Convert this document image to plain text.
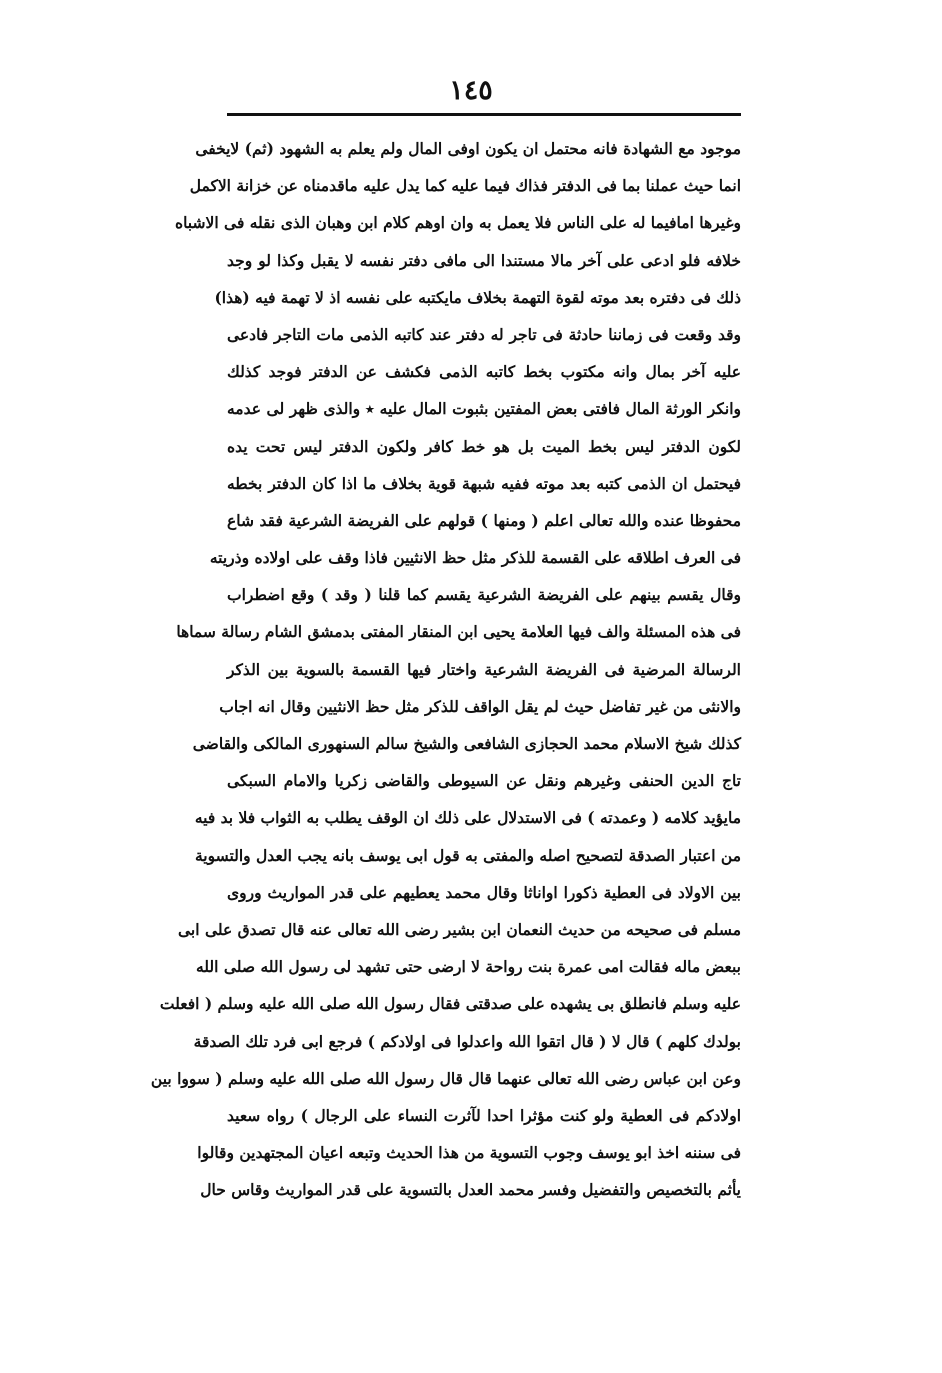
١٤٥
موجود مع الشهادة فانه محتمل ان يكون اوفى المال ولم يعلم به الشهود (ثم) لايخفى
انما حيث عملنا بما فى الدفتر فذاك فيما عليه كما يدل عليه ماقدمناه عن خزانة الاكمل
وغيرها امافيما له على الناس فلا يعمل به وان اوهم كلام ابن وهبان الذى نقله فى الاشباه
خلافه فلو ادعى على آخر مالا مستندا الى مافى دفتر نفسه لا يقبل وكذا لو وجد
ذلك فى دفتره بعد موته لقوة التهمة بخلاف مايكتبه على نفسه اذ لا تهمة فيه (هذا)
وقد وقعت فى زماننا حادثة فى تاجر له دفتر عند كاتبه الذمى مات التاجر فادعى
عليه آخر بمال وانه مكتوب بخط كاتبه الذمى فكشف عن الدفتر فوجد كذلك
وانكر الورثة المال فافتى بعض المفتين بثبوت المال عليه ٭ والذى ظهر لى عدمه
لكون الدفتر ليس بخط الميت بل هو خط كافر ولكون الدفتر ليس تحت يده
فيحتمل ان الذمى كتبه بعد موته ففيه شبهة قوية بخلاف ما اذا كان الدفتر بخطه
محفوظا عنده والله تعالى اعلم ( ومنها ) قولهم على الفريضة الشرعية فقد شاع
فى العرف اطلاقه على القسمة للذكر مثل حظ الانثيين فاذا وقف على اولاده وذريته
وقال يقسم بينهم على الفريضة الشرعية يقسم كما قلنا ( وقد ) وقع اضطراب
فى هذه المسئلة والف فيها العلامة يحيى ابن المنقار المفتى بدمشق الشام رسالة سماها
الرسالة المرضية فى الفريضة الشرعية واختار فيها القسمة بالسوية بين الذكر
والانثى من غير تفاضل حيث لم يقل الواقف للذكر مثل حظ الانثيين وقال انه اجاب
كذلك شيخ الاسلام محمد الحجازى الشافعى والشيخ سالم السنهورى المالكى والقاضى
تاج الدين الحنفى وغيرهم ونقل عن السيوطى والقاضى زكريا والامام السبكى
مايؤيد كلامه ( وعمدته ) فى الاستدلال على ذلك ان الوقف يطلب به الثواب فلا بد فيه
من اعتبار الصدقة لتصحيح اصله والمفتى به قول ابى يوسف بانه يجب العدل والتسوية
بين الاولاد فى العطية ذكورا اواناثا وقال محمد يعطيهم على قدر المواريث وروى
مسلم فى صحيحه من حديث النعمان ابن بشير رضى الله تعالى عنه قال تصدق على ابى
ببعض ماله فقالت امى عمرة بنت رواحة لا ارضى حتى تشهد لى رسول الله صلى الله
عليه وسلم فانطلق بى يشهده على صدقتى فقال رسول الله صلى الله عليه وسلم ( افعلت
بولدك كلهم ) قال لا ( قال اتقوا الله واعدلوا فى اولادكم ) فرجع ابى فرد تلك الصدقة
وعن ابن عباس رضى الله تعالى عنهما قال قال رسول الله صلى الله عليه وسلم ( سووا بين
اولادكم فى العطية ولو كنت مؤثرا احدا لآثرت النساء على الرجال ) رواه سعيد
فى سننه اخذ ابو يوسف وجوب التسوية من هذا الحديث وتبعه اعيان المجتهدين وقالوا
يأثم بالتخصيص والتفضيل وفسر محمد العدل بالتسوية على قدر المواريث وقاس حال
